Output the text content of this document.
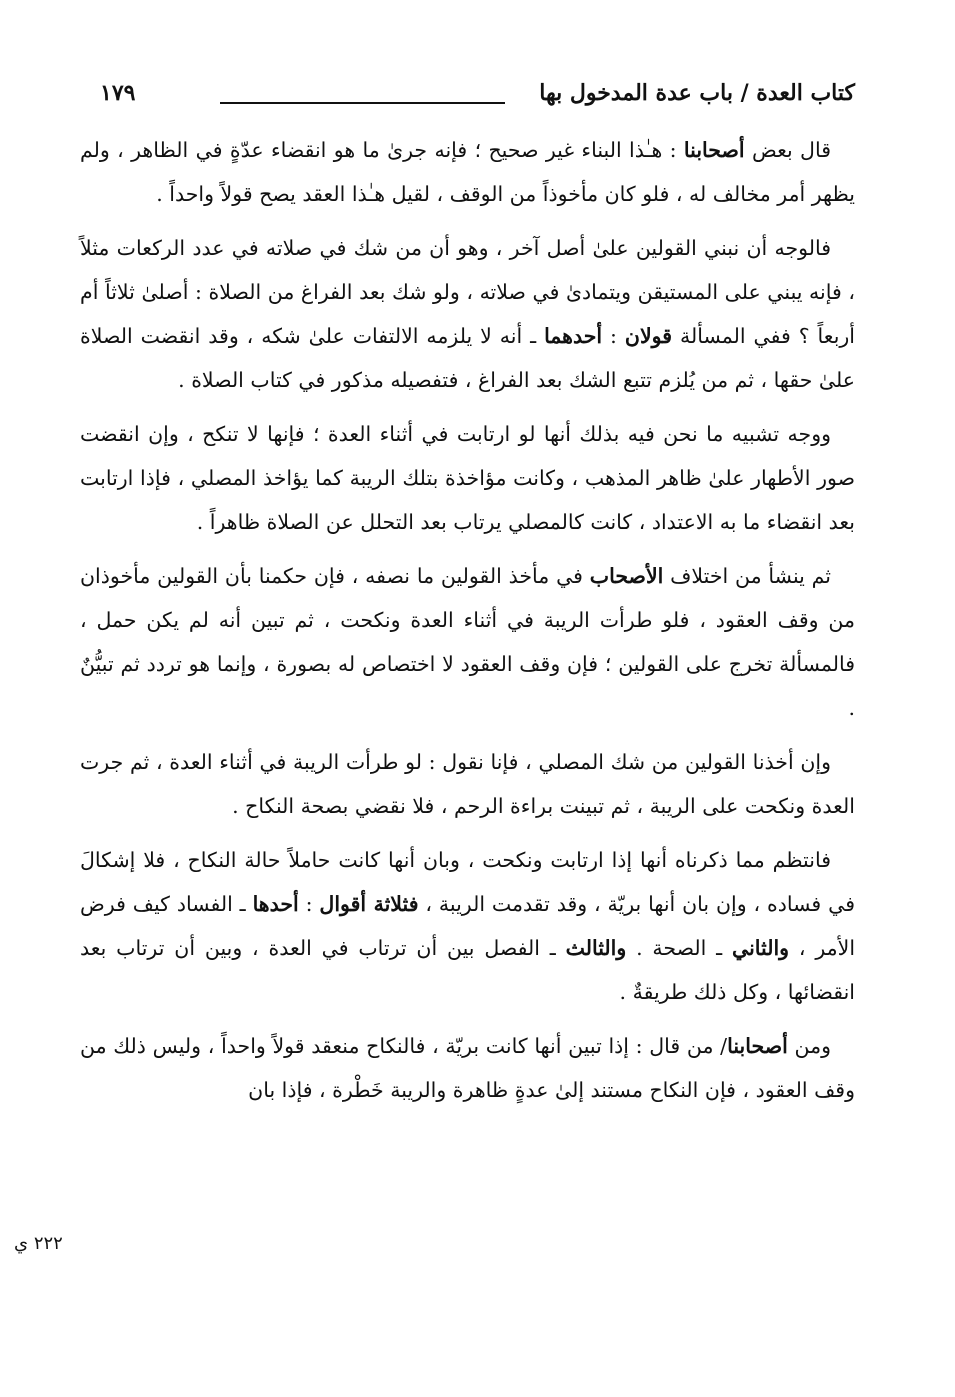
كتاب العدة / باب عدة المدخول بها
١٧٩
٢٢٢ ي

قال بعض أصحابنا : هـٰذا البناء غير صحيح ؛ فإنه جرىٰ ما هو انقضاء عدّةٍ في الظاهر ، ولم يظهر أمر مخالف له ، فلو كان مأخوذاً من الوقف ، لقيل هـٰذا العقد يصح قولاً واحداً .

فالوجه أن نبني القولين علىٰ أصل آخر ، وهو أن من شك في صلاته في عدد الركعات مثلاً ، فإنه يبني على المستيقن ويتمادىٰ في صلاته ، ولو شك بعد الفراغ من الصلاة : أصلىٰ ثلاثاً أم أربعاً ؟ ففي المسألة قولان : أحدهما ـ أنه لا يلزمه الالتفات علىٰ شكه ، وقد انقضت الصلاة علىٰ حقها ، ثم من يُلزم تتبع الشك بعد الفراغ ، فتفصيله مذكور في كتاب الصلاة .

ووجه تشبيه ما نحن فيه بذلك أنها لو ارتابت في أثناء العدة ؛ فإنها لا تنكح ، وإن انقضت صور الأطهار علىٰ ظاهر المذهب ، وكانت مؤاخذة بتلك الريبة كما يؤاخذ المصلي ، فإذا ارتابت بعد انقضاء ما به الاعتداد ، كانت كالمصلي يرتاب بعد التحلل عن الصلاة ظاهراً .

ثم ينشأ من اختلاف الأصحاب في مأخذ القولين ما نصفه ، فإن حكمنا بأن القولين مأخوذان من وقف العقود ، فلو طرأت الريبة في أثناء العدة ونكحت ، ثم تبين أنه لم يكن حمل ، فالمسألة تخرج على القولين ؛ فإن وقف العقود لا اختصاص له بصورة ، وإنما هو تردد ثم تبيُّنٌ .

وإن أخذنا القولين من شك المصلي ، فإنا نقول : لو طرأت الريبة في أثناء العدة ، ثم جرت العدة ونكحت على الريبة ، ثم تبينت براءة الرحم ، فلا نقضي بصحة النكاح .

فانتظم مما ذكرناه أنها إذا ارتابت ونكحت ، وبان أنها كانت حاملاً حالة النكاح ، فلا إشكالَ في فساده ، وإن بان أنها بريّة ، وقد تقدمت الريبة ، فثلاثة أقوال : أحدها ـ الفساد كيف فرض الأمر ، والثاني ـ الصحة . والثالث ـ الفصل بين أن ترتاب في العدة ، وبين أن ترتاب بعد انقضائها ، وكل ذلك طريقةٌ .

ومن أصحابنا/ من قال : إذا تبين أنها كانت بريّة ، فالنكاح منعقد قولاً واحداً ، وليس ذلك من وقف العقود ، فإن النكاح مستند إلىٰ عدةٍ ظاهرة والريبة خَطْرة ، فإذا بان
